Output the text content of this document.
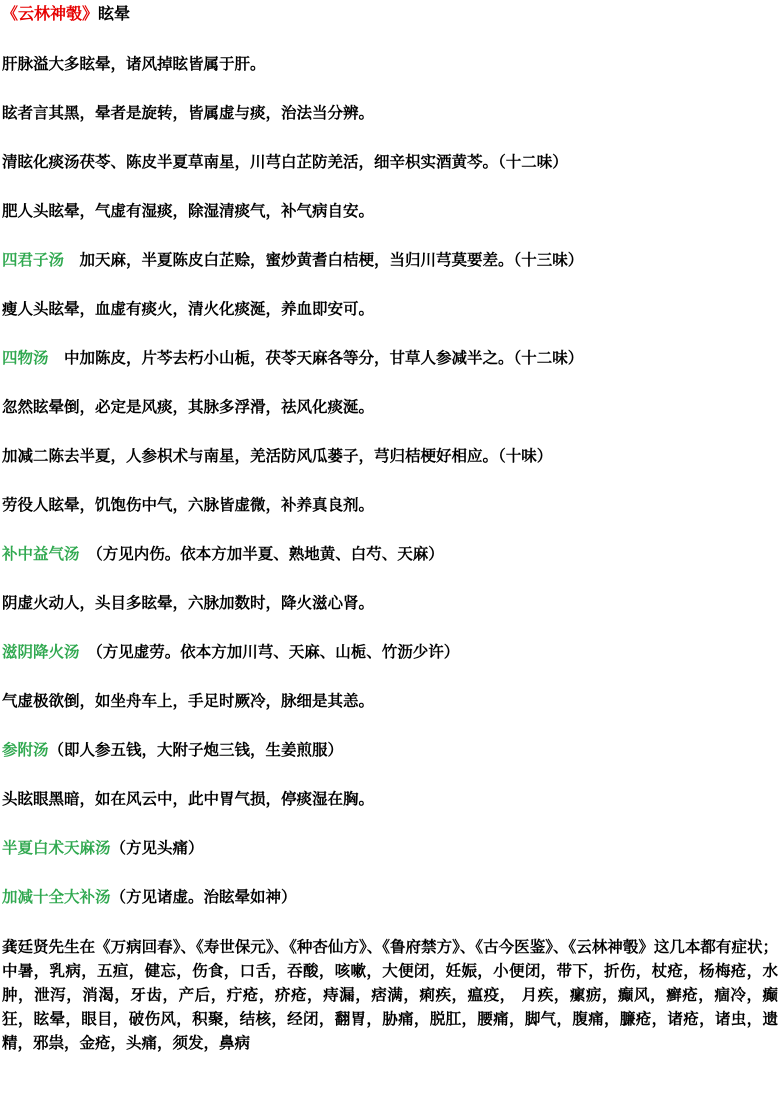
《云林神彀》眩晕

肝脉溢大多眩晕，诸风掉眩皆属于肝。

眩者言其黑，晕者是旋转，皆属虚与痰，治法当分辨。

清眩化痰汤茯苓、陈皮半夏草南星，川芎白芷防羌活，细辛枳实酒黄芩。（十二味）

肥人头眩晕，气虚有湿痰，除湿清痰气，补气病自安。

四君子汤　加天麻，半夏陈皮白芷赊，蜜炒黄耆白桔梗，当归川芎莫要差。（十三味）

瘦人头眩晕，血虚有痰火，清火化痰涎，养血即安可。

四物汤　中加陈皮，片芩去朽小山栀，茯苓天麻各等分，甘草人参减半之。（十二味）

忽然眩晕倒，必定是风痰，其脉多浮滑，祛风化痰涎。

加减二陈去半夏，人参枳术与南星，羌活防风瓜蒌子，芎归桔梗好相应。（十味）

劳役人眩晕，饥饱伤中气，六脉皆虚微，补养真良剂。

补中益气汤　（方见内伤。依本方加半夏、熟地黄、白芍、天麻）

阴虚火动人，头目多眩晕，六脉加数时，降火滋心肾。

滋阴降火汤　（方见虚劳。依本方加川芎、天麻、山栀、竹沥少许）

气虚极欲倒，如坐舟车上，手足时厥冷，脉细是其恙。

参附汤（即人参五钱，大附子炮三钱，生姜煎服）

头眩眼黑暗，如在风云中，此中胃气损，停痰湿在胸。

半夏白术天麻汤（方见头痛）

加减十全大补汤（方见诸虚。治眩晕如神）

龚廷贤先生在《万病回春》、《寿世保元》、《种杏仙方》、《鲁府禁方》、《古今医鉴》、《云林神彀》这几本都有症状；中暑，乳病，五疸，健忘，伤食，口舌，吞酸，咳嗽，大便闭，妊娠，小便闭，带下，折伤，杖疮，杨梅疮，水肿，泄泻，消渴，牙齿，产后，疔疮，疥疮，痔漏，痞满，痢疾，瘟疫， 月疾，瘰疬，癫风，癣疮，痼冷，癫狂，眩晕，眼目，破伤风，积聚，结核，经闭，翻胃，胁痛，脱肛，腰痛，脚气，腹痛，臁疮，诸疮，诸虫，遗精，邪祟，金疮，头痛，须发，鼻病
